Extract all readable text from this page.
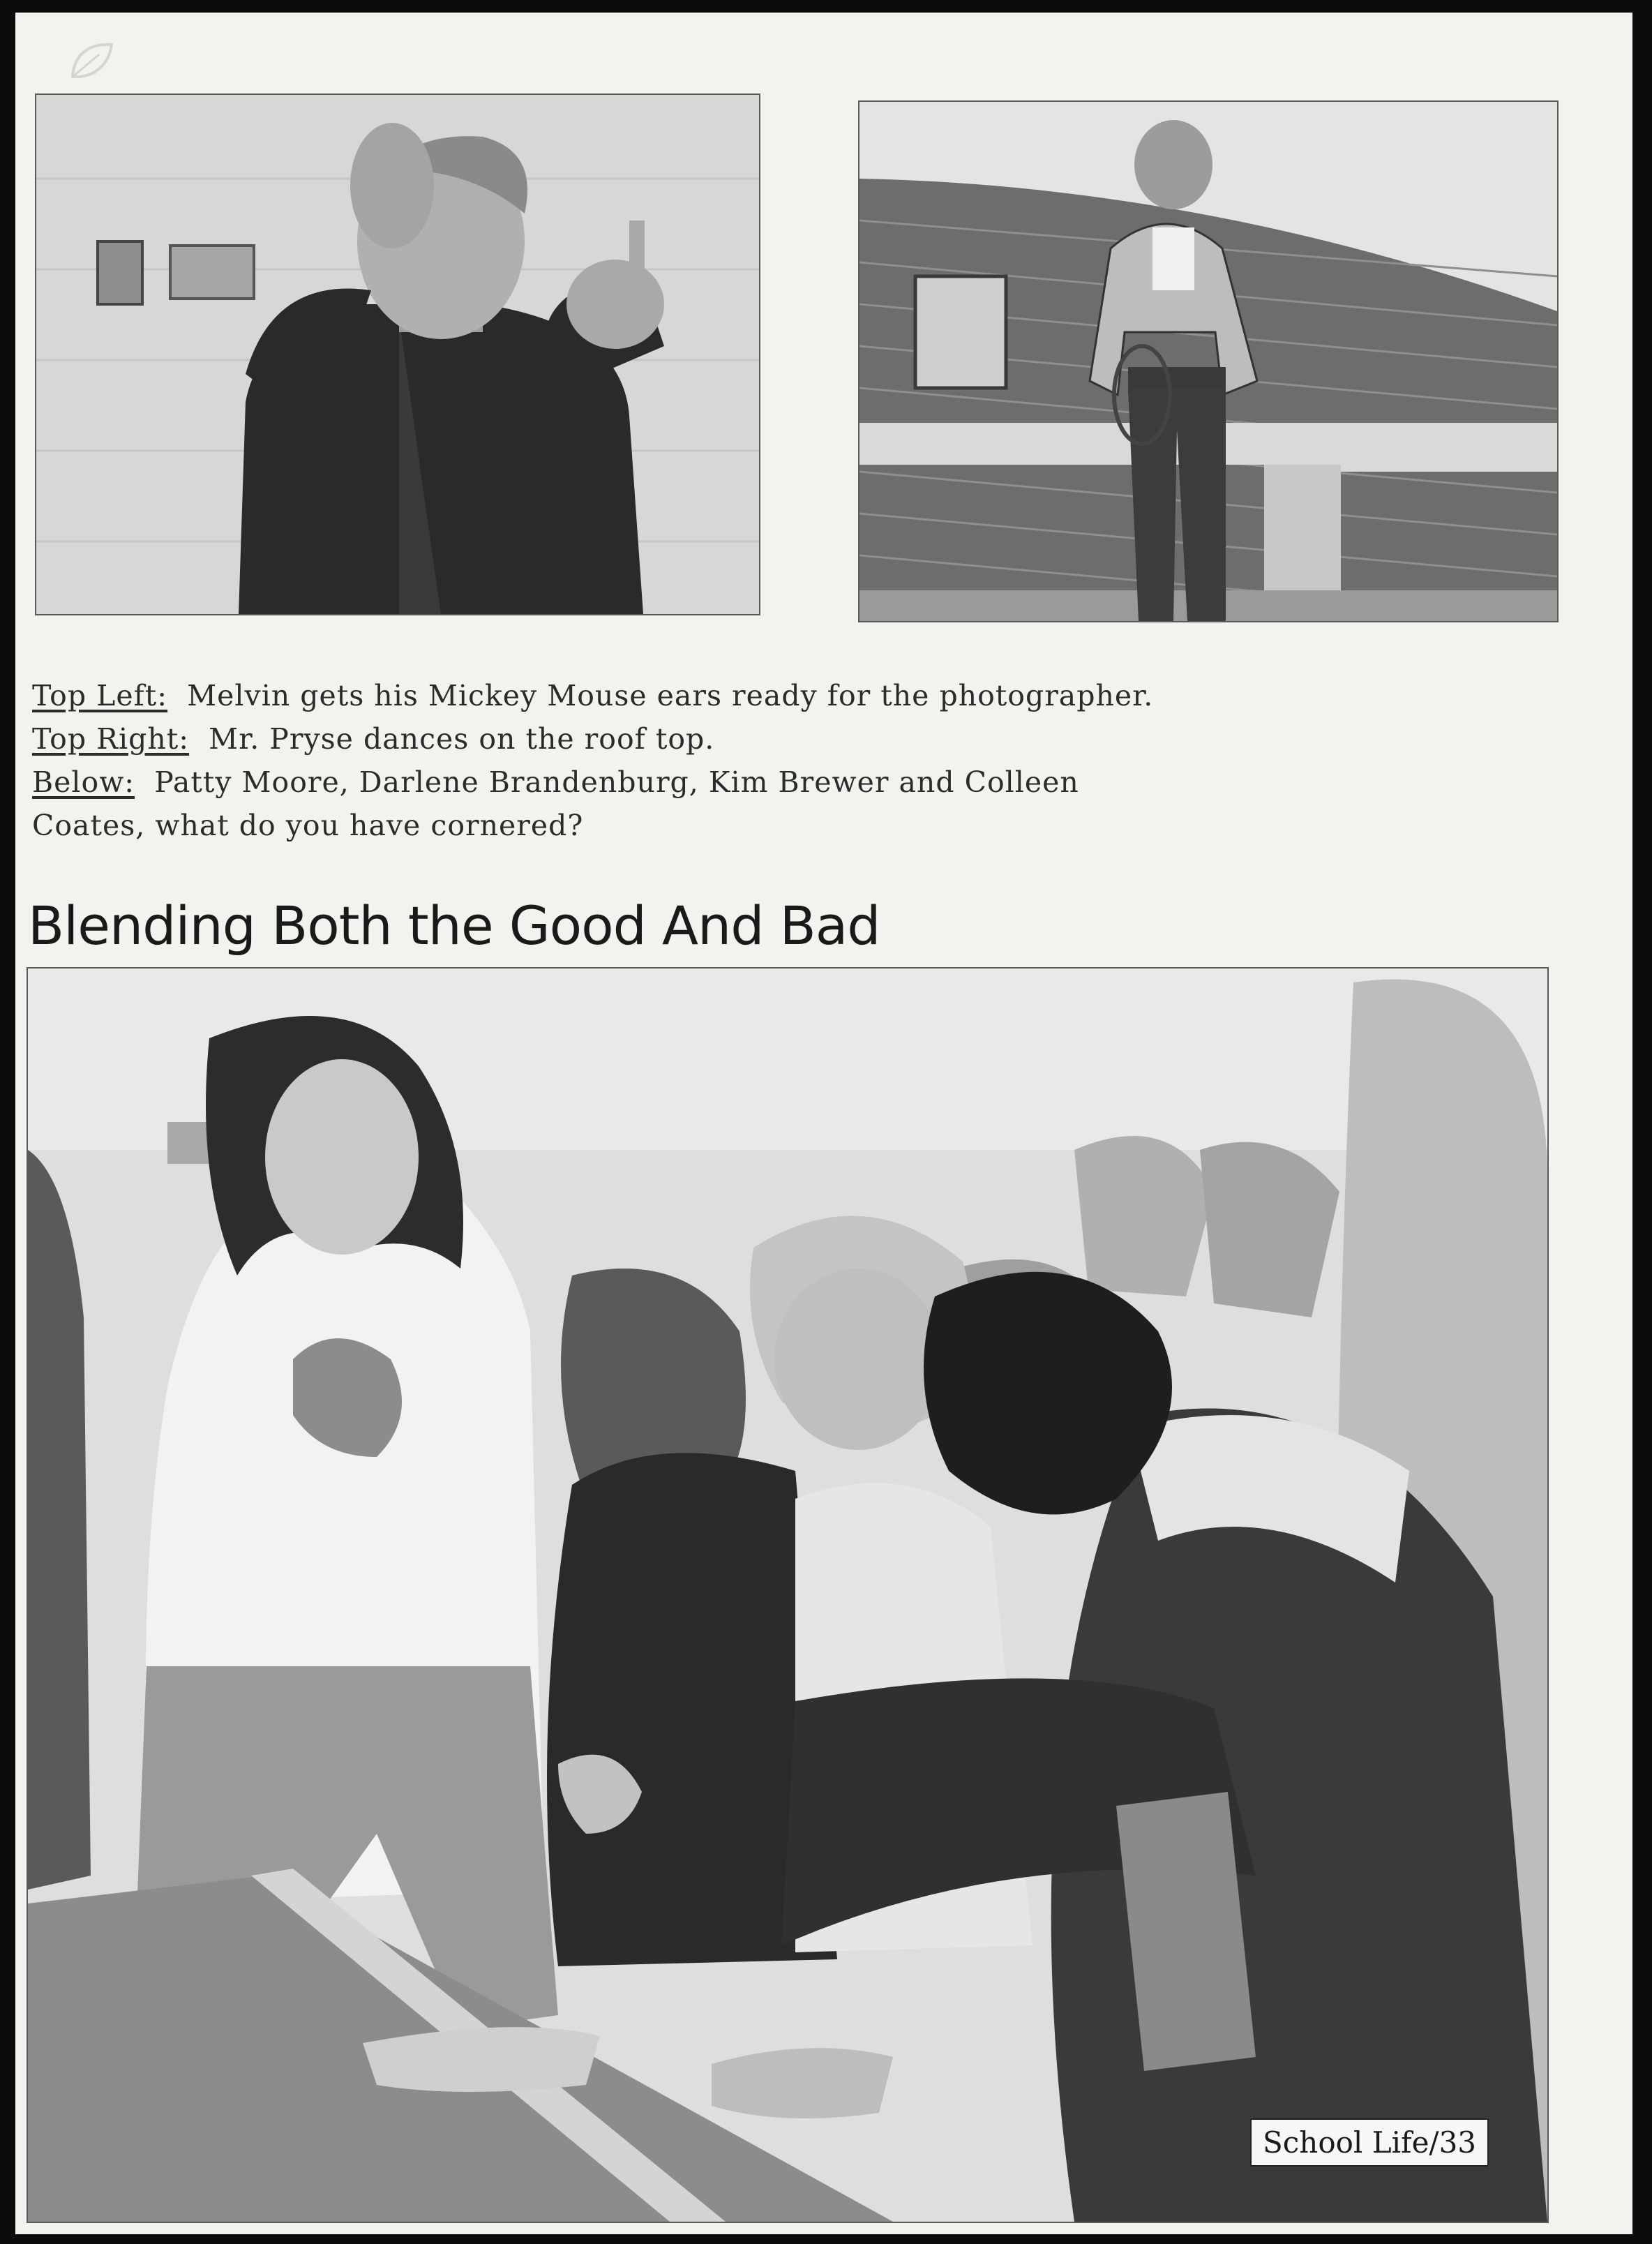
Top Left: Melvin gets his Mickey Mouse ears ready for the photographer.

Top Right: Mr. Pryse dances on the roof top.

Below: Patty Moore, Darlene Brandenburg, Kim Brewer and Colleen

Coates, what do you have cornered?

Blending Both the Good And Bad
School Life/33
